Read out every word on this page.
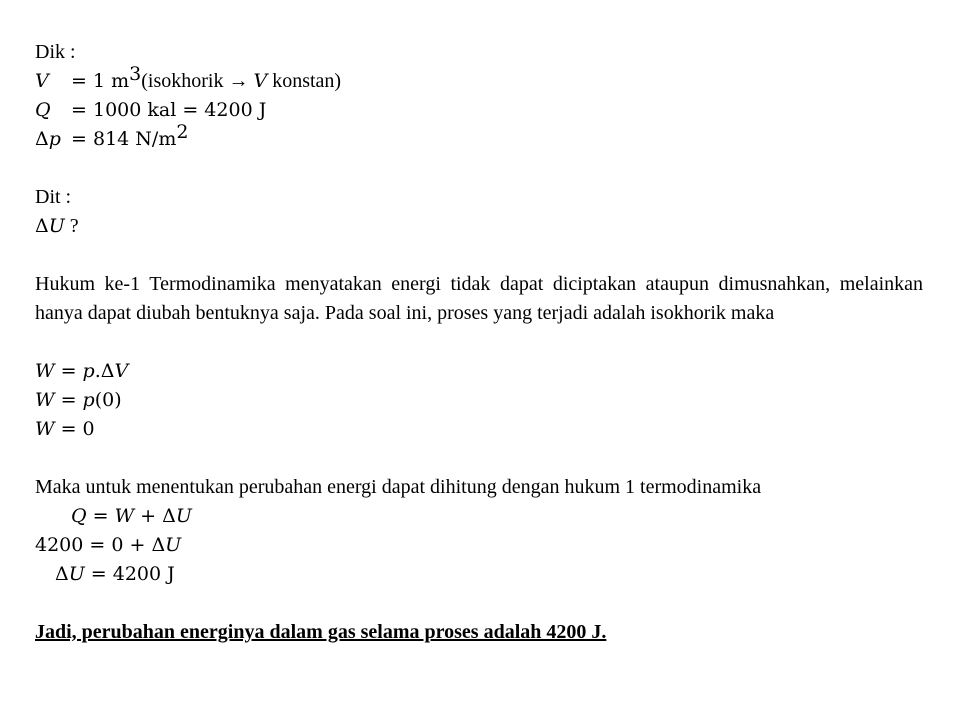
Dik :
V = 1 $m^3(isokhorik \to V$ konstan)
Q = 1000 kal = 4200 J
Δp = 814 $N/m^2$
Dit :
ΔU ?
Hukum ke-1 Termodinamika menyatakan energi tidak dapat diciptakan ataupun dimusnahkan, melainkan hanya dapat diubah bentuknya saja. Pada soal ini, proses yang terjadi adalah isokhorik maka
W = p.ΔV
W = p(0)
W = 0
Maka untuk menentukan perubahan energi dapat dihitung dengan hukum 1 termodinamika
Q = W + ΔU
4200 = 0 + ΔU
ΔU = 4200 J
Jadi, perubahan energinya dalam gas selama proses adalah 4200 J.
